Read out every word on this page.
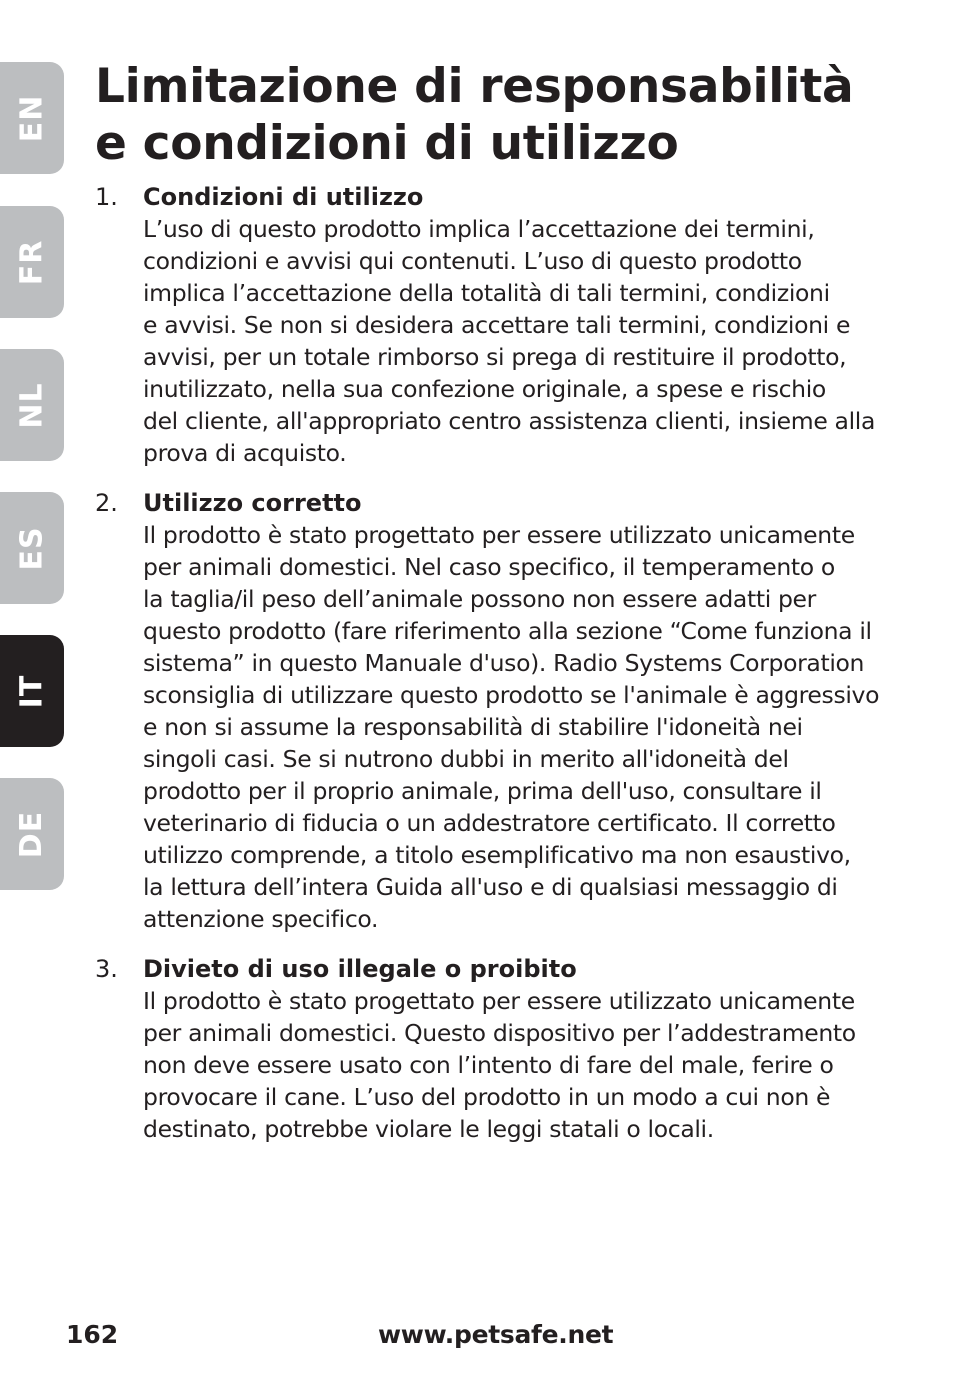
EN
FR
NL
ES
IT
DE
Limitazione di responsabilità
e condizioni di utilizzo
1. Condizioni di utilizzo
L’uso di questo prodotto implica l’accettazione dei termini,
condizioni e avvisi qui contenuti. L’uso di questo prodotto
implica l’accettazione della totalità di tali termini, condizioni
e avvisi. Se non si desidera accettare tali termini, condizioni e
avvisi, per un totale rimborso si prega di restituire il prodotto,
inutilizzato, nella sua confezione originale, a spese e rischio
del cliente, all'appropriato centro assistenza clienti, insieme alla
prova di acquisto.
2. Utilizzo corretto
Il prodotto è stato progettato per essere utilizzato unicamente
per animali domestici. Nel caso specifico, il temperamento o
la taglia/il peso dell’animale possono non essere adatti per
questo prodotto (fare riferimento alla sezione “Come funziona il
sistema” in questo Manuale d'uso). Radio Systems Corporation
sconsiglia di utilizzare questo prodotto se l'animale è aggressivo
e non si assume la responsabilità di stabilire l'idoneità nei
singoli casi. Se si nutrono dubbi in merito all'idoneità del
prodotto per il proprio animale, prima dell'uso, consultare il
veterinario di fiducia o un addestratore certificato. Il corretto
utilizzo comprende, a titolo esemplificativo ma non esaustivo,
la lettura dell’intera Guida all'uso e di qualsiasi messaggio di
attenzione specifico.
3. Divieto di uso illegale o proibito
Il prodotto è stato progettato per essere utilizzato unicamente
per animali domestici. Questo dispositivo per l’addestramento
non deve essere usato con l’intento di fare del male, ferire o
provocare il cane. L’uso del prodotto in un modo a cui non è
destinato, potrebbe violare le leggi statali o locali.
162	www.petsafe.net
